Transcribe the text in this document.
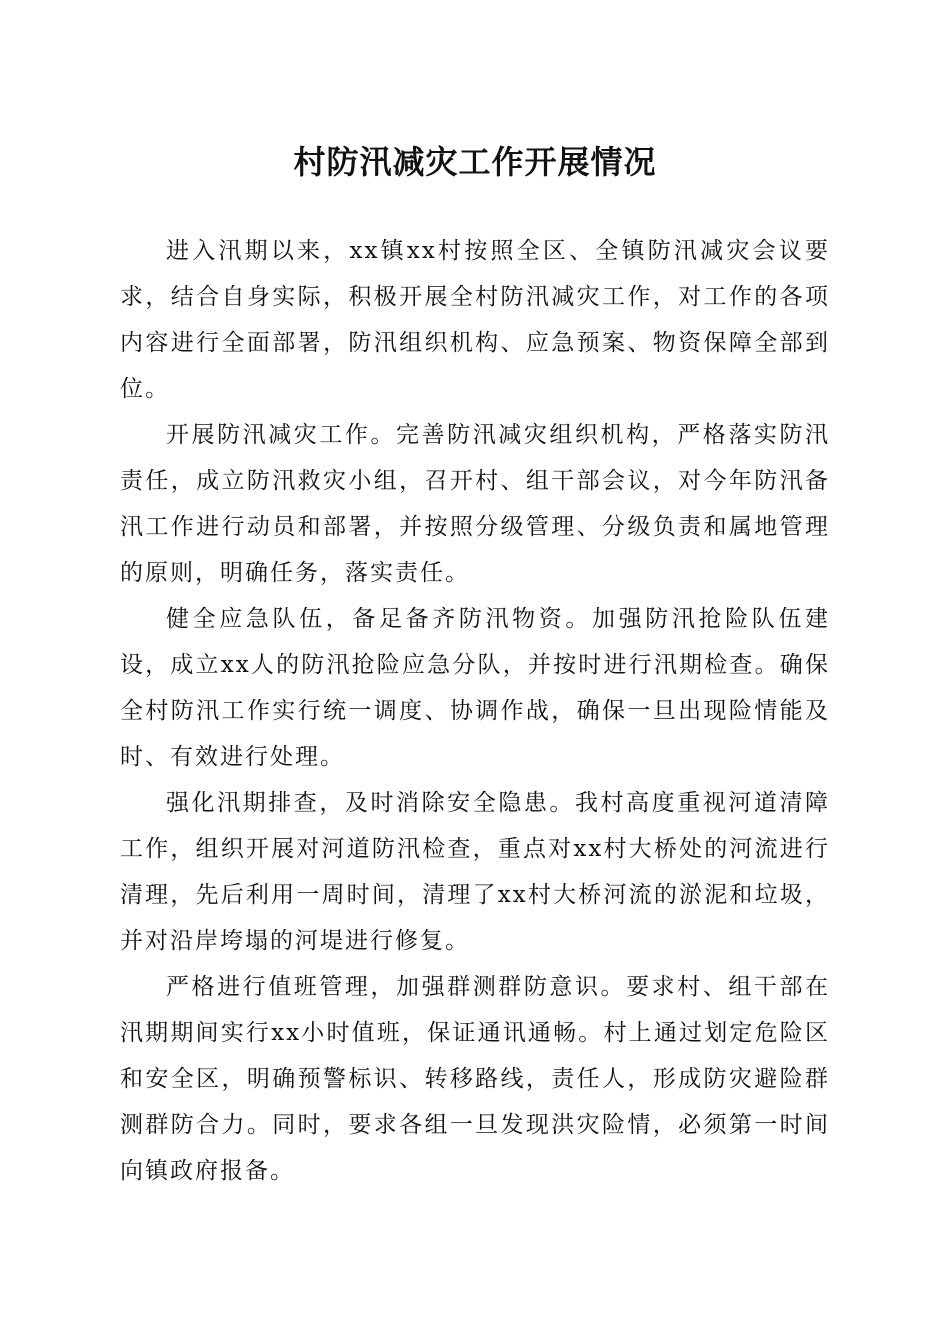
村防汛减灾工作开展情况

进入汛期以来，xx镇xx村按照全区、全镇防汛减灾会议要求，结合自身实际，积极开展全村防汛减灾工作，对工作的各项内容进行全面部署，防汛组织机构、应急预案、物资保障全部到位。

开展防汛减灾工作。完善防汛减灾组织机构，严格落实防汛责任，成立防汛救灾小组，召开村、组干部会议，对今年防汛备汛工作进行动员和部署，并按照分级管理、分级负责和属地管理的原则，明确任务，落实责任。

健全应急队伍，备足备齐防汛物资。加强防汛抢险队伍建设，成立xx人的防汛抢险应急分队，并按时进行汛期检查。确保全村防汛工作实行统一调度、协调作战，确保一旦出现险情能及时、有效进行处理。

强化汛期排查，及时消除安全隐患。我村高度重视河道清障工作，组织开展对河道防汛检查，重点对xx村大桥处的河流进行清理，先后利用一周时间，清理了xx村大桥河流的淤泥和垃圾，并对沿岸垮塌的河堤进行修复。

严格进行值班管理，加强群测群防意识。要求村、组干部在汛期期间实行xx小时值班，保证通讯通畅。村上通过划定危险区和安全区，明确预警标识、转移路线，责任人，形成防灾避险群测群防合力。同时，要求各组一旦发现洪灾险情，必须第一时间向镇政府报备。
